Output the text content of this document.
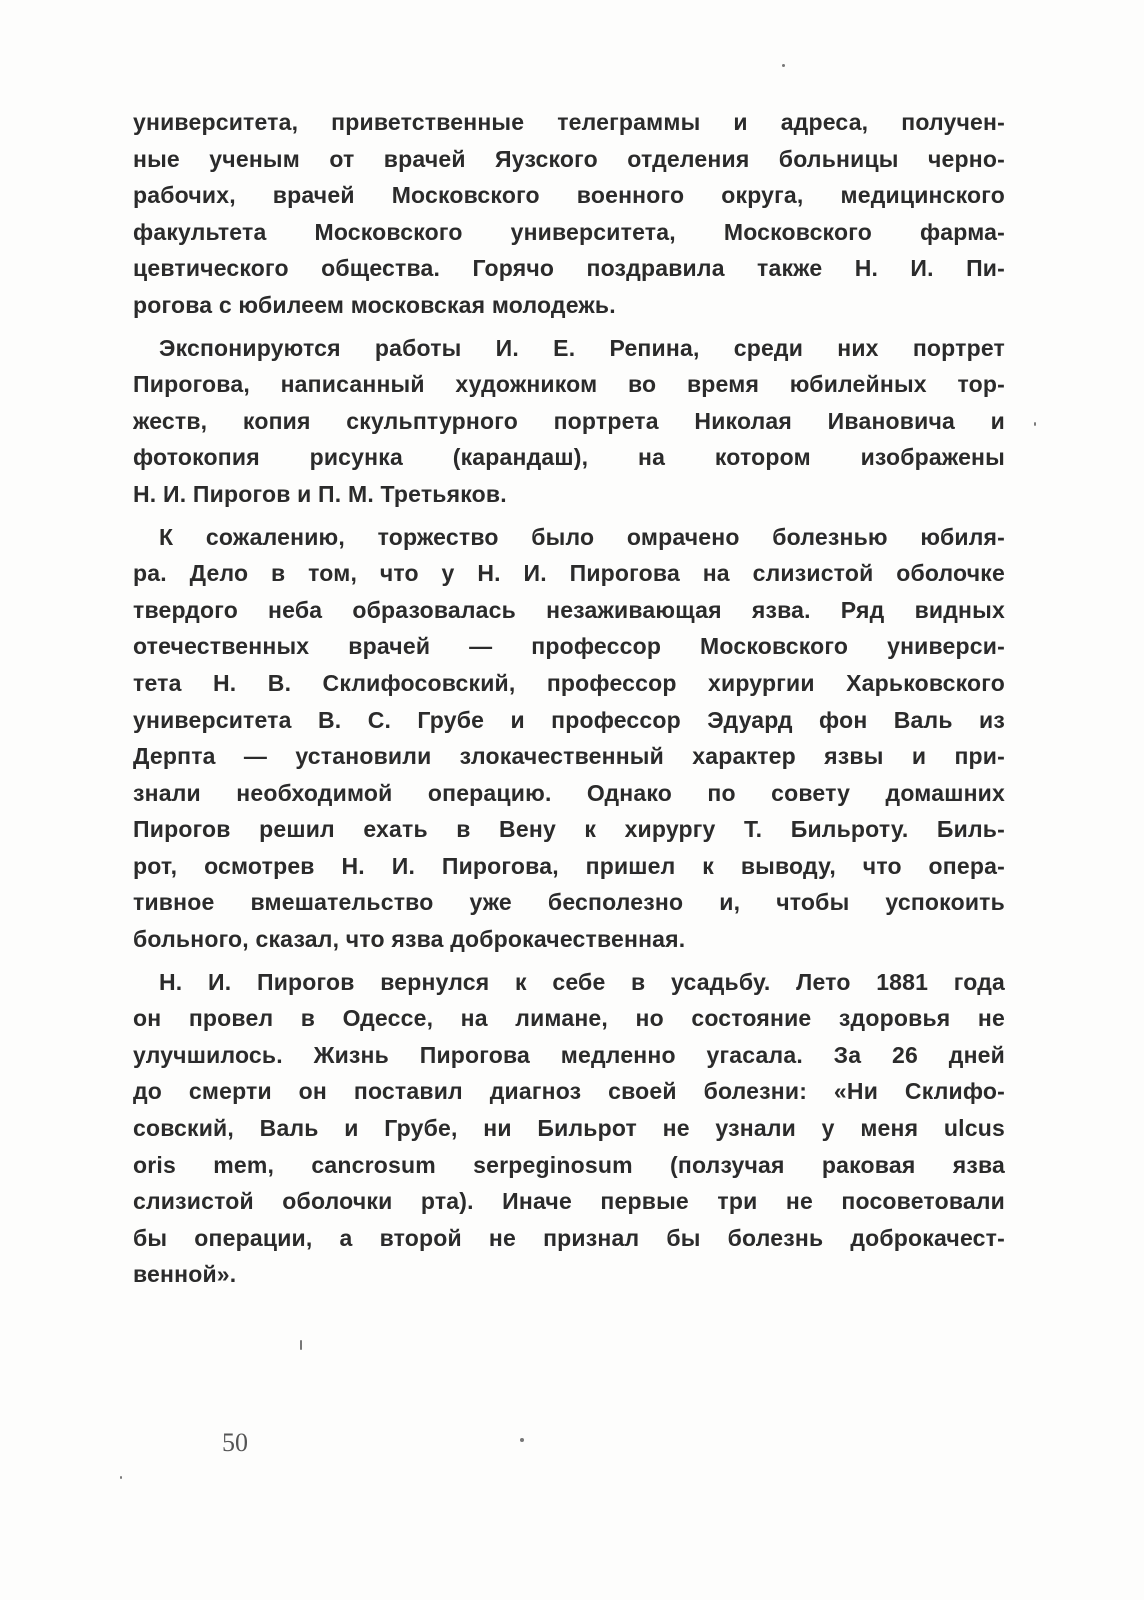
университета, приветственные телеграммы и адреса, получен-
ные ученым от врачей Яузского отделения больницы черно-
рабочих, врачей Московского военного округа, медицинского
факультета Московского университета, Московского фарма-
цевтического общества. Горячо поздравила также Н. И. Пи-
рогова с юбилеем московская молодежь.
Экспонируются работы И. Е. Репина, среди них портрет
Пирогова, написанный художником во время юбилейных тор-
жеств, копия скульптурного портрета Николая Ивановича и
фотокопия рисунка (карандаш), на котором изображены
Н. И. Пирогов и П. М. Третьяков.
К сожалению, торжество было омрачено болезнью юбиля-
ра. Дело в том, что у Н. И. Пирогова на слизистой оболочке
твердого неба образовалась незаживающая язва. Ряд видных
отечественных врачей — профессор Московского универси-
тета Н. В. Склифосовский, профессор хирургии Харьковского
университета В. С. Грубе и профессор Эдуард фон Валь из
Дерпта — установили злокачественный характер язвы и при-
знали необходимой операцию. Однако по совету домашних
Пирогов решил ехать в Вену к хирургу Т. Бильроту. Биль-
рот, осмотрев Н. И. Пирогова, пришел к выводу, что опера-
тивное вмешательство уже бесполезно и, чтобы успокоить
больного, сказал, что язва доброкачественная.
Н. И. Пирогов вернулся к себе в усадьбу. Лето 1881 года
он провел в Одессе, на лимане, но состояние здоровья не
улучшилось. Жизнь Пирогова медленно угасала. За 26 дней
до смерти он поставил диагноз своей болезни: «Ни Склифо-
совский, Валь и Грубе, ни Бильрот не узнали у меня ulcus
oris mem, cancrosum serpeginosum (ползучая раковая язва
слизистой оболочки рта). Иначе первые три не посоветовали
бы операции, а второй не признал бы болезнь доброкачест-
венной».
50
